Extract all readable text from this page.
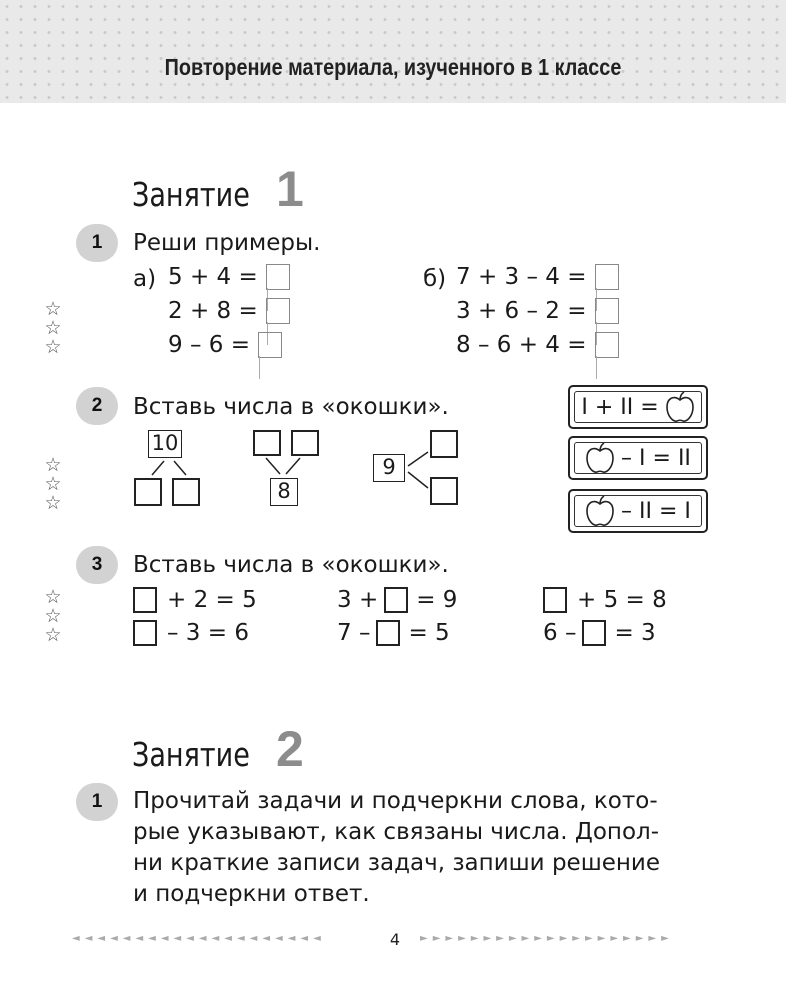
Повторение материала, изученного в 1 классе
Занятие 1
1
☆
☆
☆
Реши примеры.
а) 5 + 4 =
2 + 8 =
9 – 6 =
б) 7 + 3 – 4 =
3 + 6 – 2 =
8 – 6 + 4 =
2
☆
☆
☆
Вставь числа в «окошки».
10
8
9
I + II =
– I = II
– II = I
3
☆
☆
☆
Вставь числа в «окошки».
+ 2 = 5	3 + = 9	+ 5 = 8
– 3 = 6	7 – = 5	6 – = 3
Занятие 2
1	Прочитай задачи и подчеркни слова, кото-
рые указывают, как связаны числа. Допол-
ни краткие записи задач, запиши решение
и подчеркни ответ.
◄◄◄◄◄◄◄◄◄◄◄◄◄◄◄◄◄◄◄◄	4	►►►►►►►►►►►►►►►►►►►►
